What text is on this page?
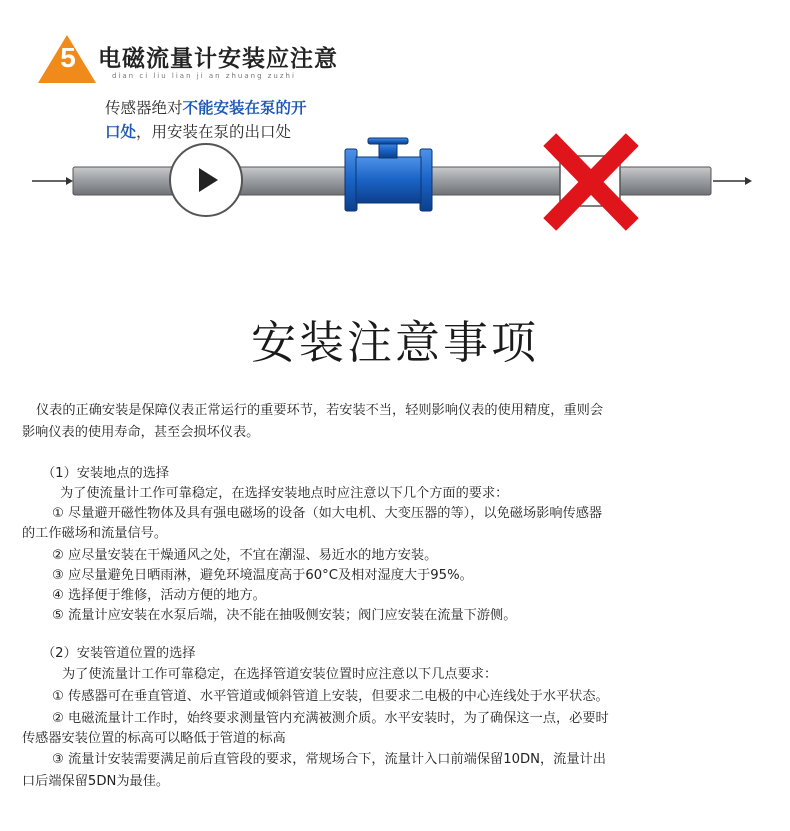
5 电磁流量计安装应注意
dian ci liu lian ji an zhuang zuzhi
传感器绝对不能安装在泵的开
口处，用安装在泵的出口处
安装注意事项
仪表的正确安装是保障仪表正常运行的重要环节，若安装不当，轻则影响仪表的使用精度，重则会
影响仪表的使用寿命，甚至会损坏仪表。
（1）安装地点的选择
为了使流量计工作可靠稳定，在选择安装地点时应注意以下几个方面的要求：
① 尽量避开磁性物体及具有强电磁场的设备（如大电机、大变压器的等），以免磁场影响传感器
的工作磁场和流量信号。
② 应尽量安装在干燥通风之处，不宜在潮湿、易近水的地方安装。
③ 应尽量避免日晒雨淋，避免环境温度高于60°C及相对湿度大于95%。
④ 选择便于维修，活动方便的地方。
⑤ 流量计应安装在水泵后端，决不能在抽吸侧安装；阀门应安装在流量下游侧。
（2）安装管道位置的选择
为了使流量计工作可靠稳定，在选择管道安装位置时应注意以下几点要求：
① 传感器可在垂直管道、水平管道或倾斜管道上安装，但要求二电极的中心连线处于水平状态。
② 电磁流量计工作时，始终要求测量管内充满被测介质。水平安装时，为了确保这一点，必要时
传感器安装位置的标高可以略低于管道的标高
③ 流量计安装需要满足前后直管段的要求，常规场合下，流量计入口前端保留10DN，流量计出
口后端保留5DN为最佳。
